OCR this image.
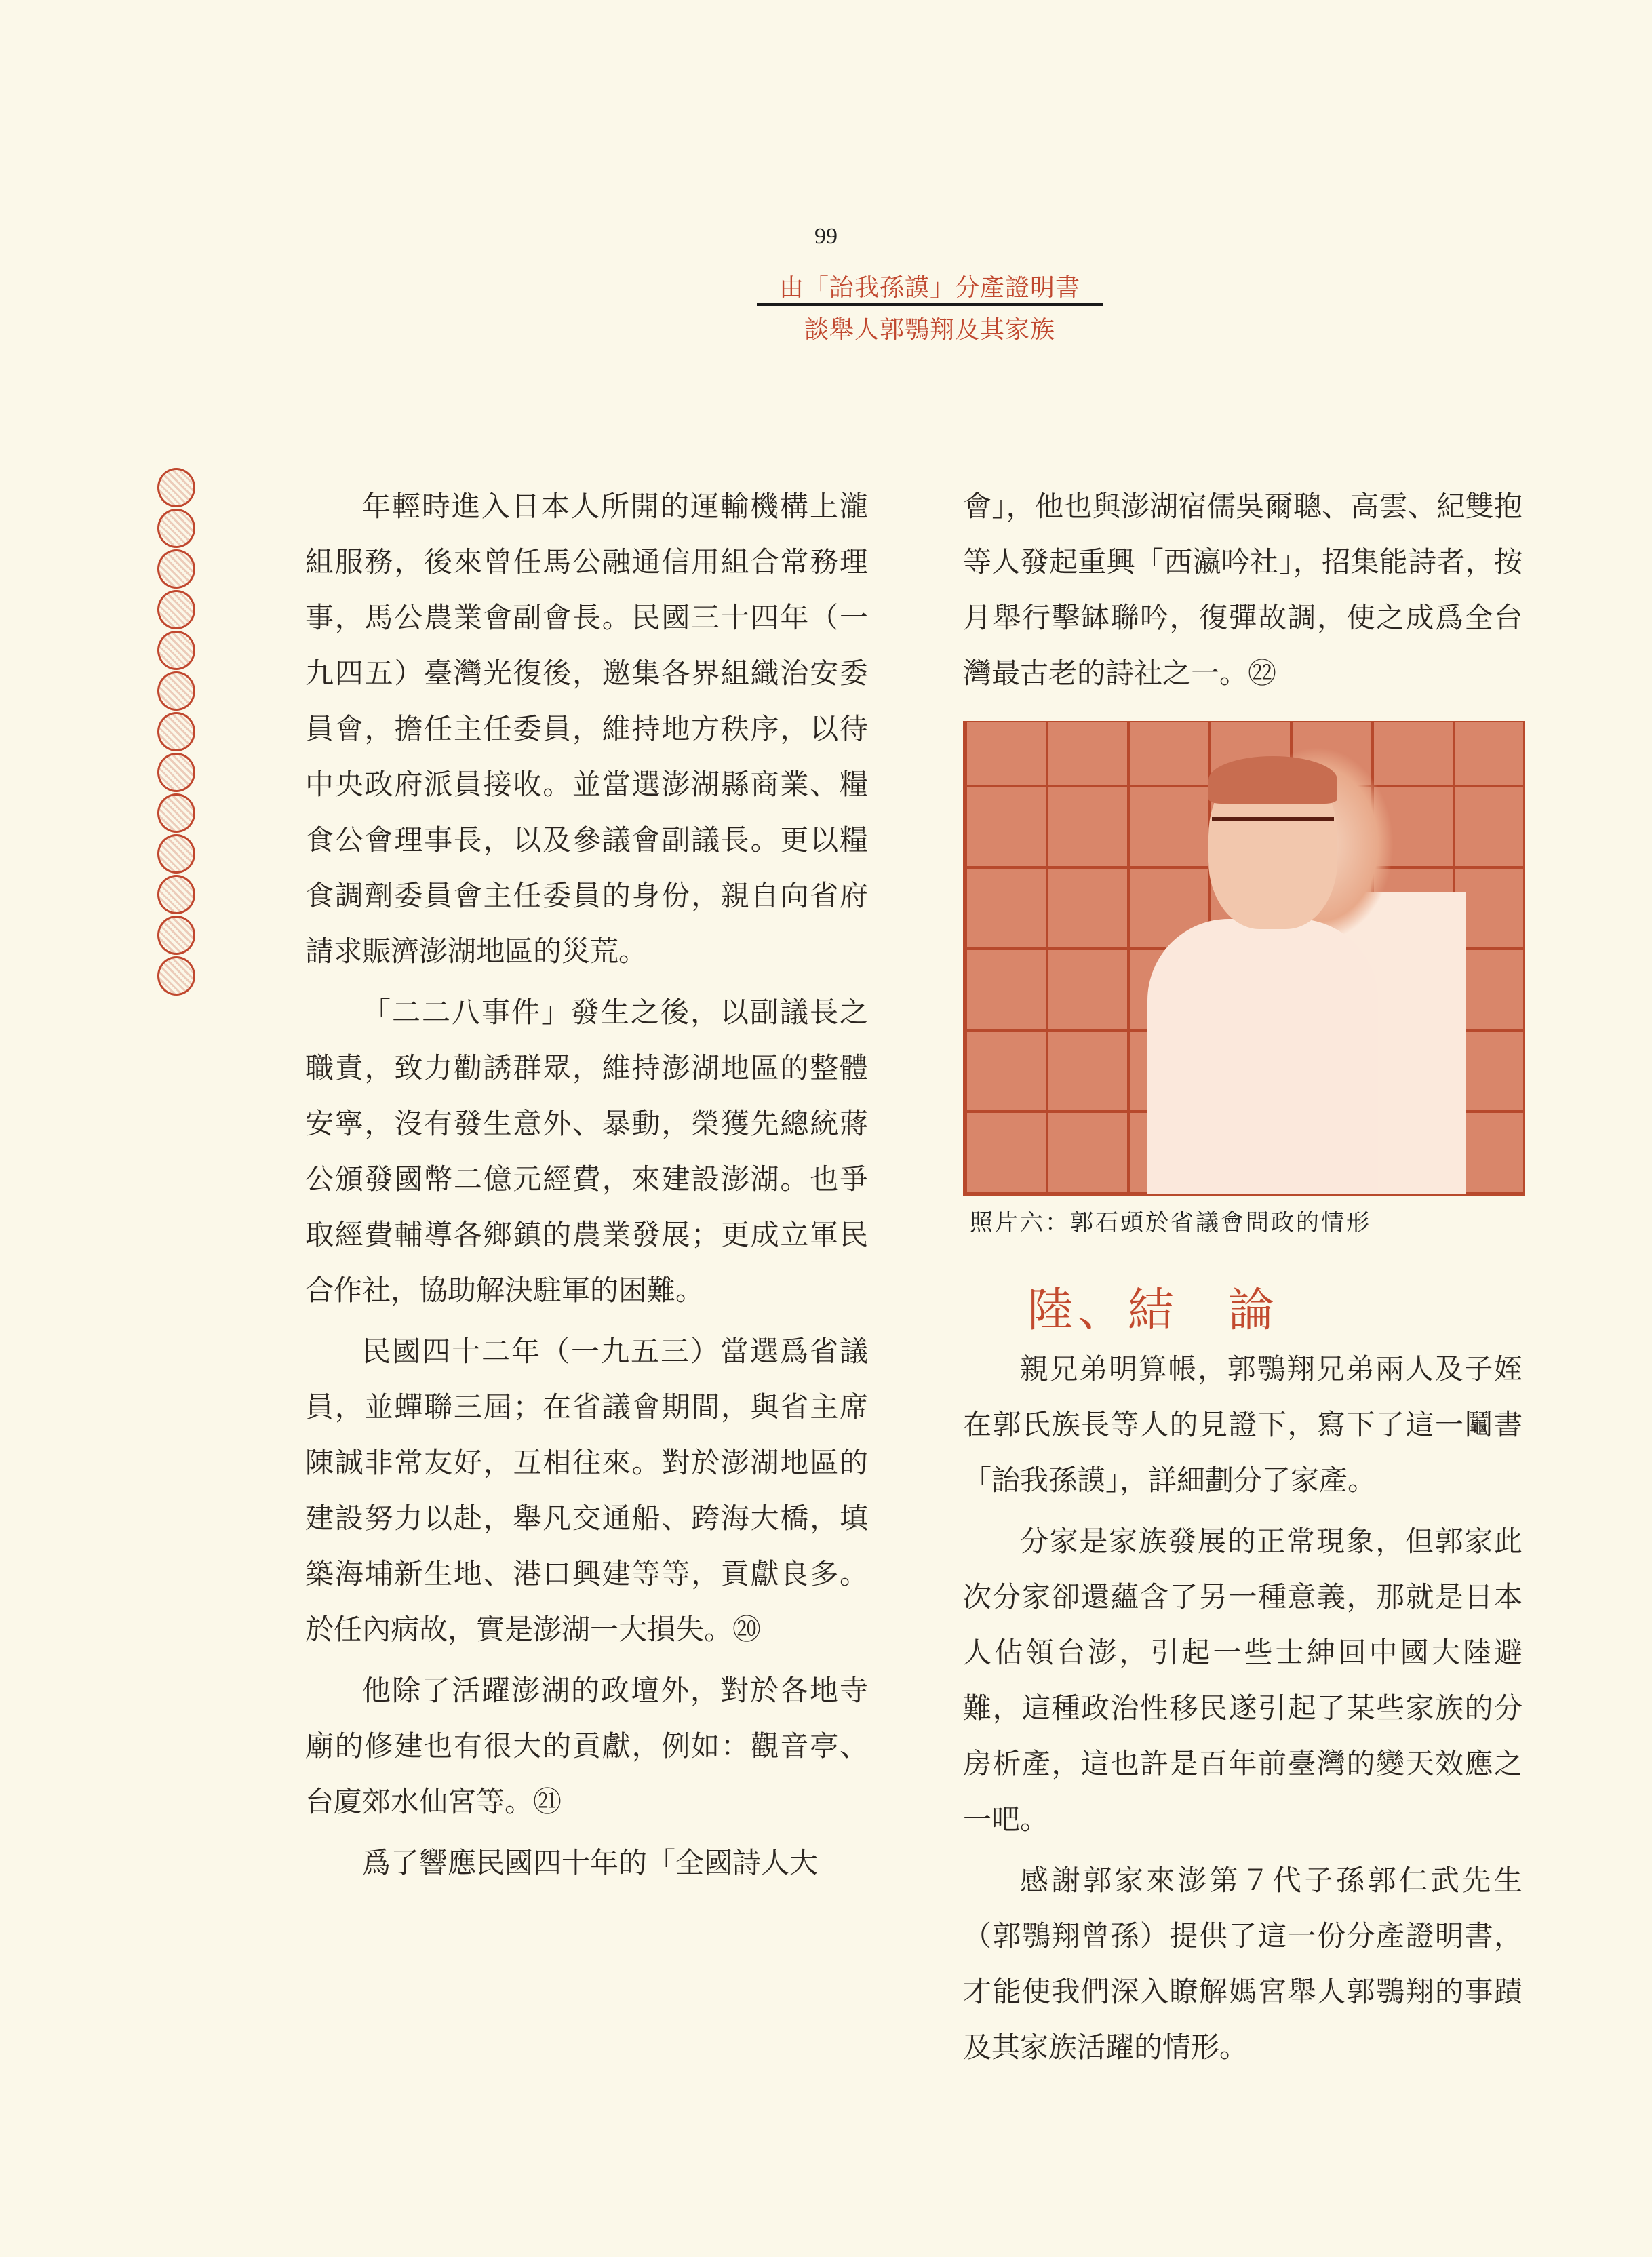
99
由「詒我孫謨」分產證明書
談舉人郭鶚翔及其家族

年輕時進入日本人所開的運輸機構上瀧組服務，後來曾任馬公融通信用組合常務理事，馬公農業會副會長。民國三十四年（一九四五）臺灣光復後，邀集各界組織治安委員會，擔任主任委員，維持地方秩序，以待中央政府派員接收。並當選澎湖縣商業、糧食公會理事長，以及參議會副議長。更以糧食調劑委員會主任委員的身份，親自向省府請求賑濟澎湖地區的災荒。

「二二八事件」發生之後，以副議長之職責，致力勸誘群眾，維持澎湖地區的整體安寧，沒有發生意外、暴動，榮獲先總統蔣公頒發國幣二億元經費，來建設澎湖。也爭取經費輔導各鄉鎮的農業發展；更成立軍民合作社，協助解決駐軍的困難。

民國四十二年（一九五三）當選爲省議員，並蟬聯三屆；在省議會期間，與省主席陳誠非常友好，互相往來。對於澎湖地區的建設努力以赴，舉凡交通船、跨海大橋，填築海埔新生地、港口興建等等，貢獻良多。於任內病故，實是澎湖一大損失。⑳

他除了活躍澎湖的政壇外，對於各地寺廟的修建也有很大的貢獻，例如：觀音亭、台廈郊水仙宮等。㉑

爲了響應民國四十年的「全國詩人大

會」，他也與澎湖宿儒吳爾聰、高雲、紀雙抱等人發起重興「西瀛吟社」，招集能詩者，按月舉行擊缽聯吟，復彈故調，使之成爲全台灣最古老的詩社之一。㉒

照片六：郭石頭於省議會問政的情形
陸、結　論

親兄弟明算帳，郭鶚翔兄弟兩人及子姪在郭氏族長等人的見證下，寫下了這一鬮書「詒我孫謨」，詳細劃分了家產。

分家是家族發展的正常現象，但郭家此次分家卻還蘊含了另一種意義，那就是日本人佔領台澎，引起一些士紳回中國大陸避難，這種政治性移民遂引起了某些家族的分房析產，這也許是百年前臺灣的變天效應之一吧。

感謝郭家來澎第７代子孫郭仁武先生（郭鶚翔曾孫）提供了這一份分產證明書，才能使我們深入瞭解媽宮舉人郭鶚翔的事蹟及其家族活躍的情形。
